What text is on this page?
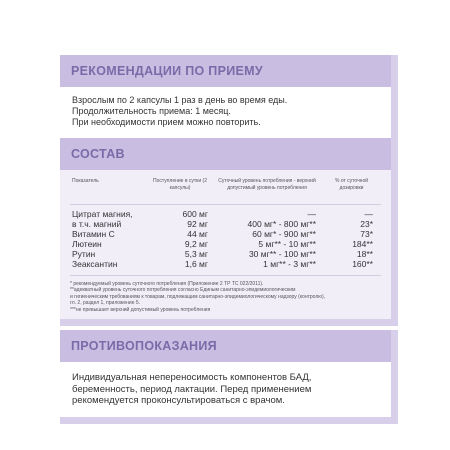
РЕКОМЕНДАЦИИ ПО ПРИЕМУ

Взрослым по 2 капсулы 1 раз в день во время еды.

Продолжительность приема: 1 месяц.

При необходимости прием можно повторить.

СОСТАВ
Показатель	Поступление в сутки (2 капсулы)	Суточный уровень потребления - верхний допустимый уровень потребления	% от суточной дозировки
Цитрат магния,	600 мг	—	—
в т.ч. магний	92 мг	400 мг* - 800 мг**	23*
Витамин С	44 мг	60 мг* - 900 мг**	73*
Лютеин	9,2 мг	5 мг** - 10 мг**	184**
Рутин	5,3 мг	30 мг** - 100 мг**	18**
Зеаксантин	1,6 мг	1 мг** - 3 мг**	160**
* рекомендуемый уровень суточного потребления (Приложение 2 ТР ТС 022/2011).
**адекватный уровень суточного потребления согласно Единым санитарно-эпидемиологическим
и гигиеническим требованиям к товарам, подлежащим санитарно-эпидемиологическому надзору (контролю),
гл. 2, раздел 1, приложение 5.
***не превышает верхний допустимый уровень потребления
ПРОТИВОПОКАЗАНИЯ

Индивидуальная непереносимость компонентов БАД, беременность, период лактации. Перед применением рекомендуется проконсультироваться с врачом.
